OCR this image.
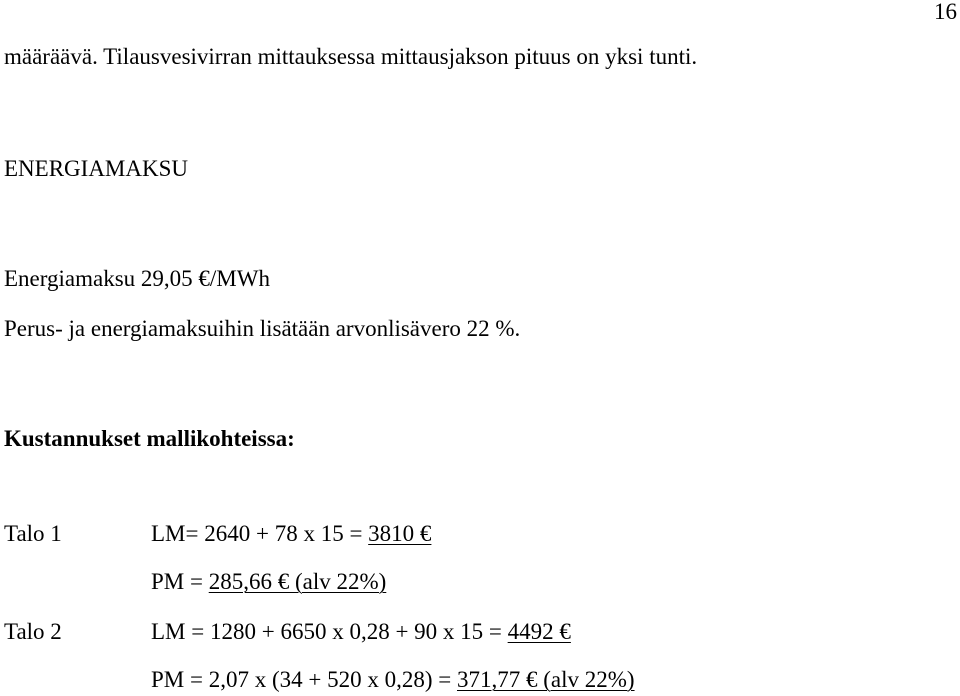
16
määräävä. Tilausvesivirran mittauksessa mittausjakson pituus on yksi tunti.
ENERGIAMAKSU
Energiamaksu 29,05 €/MWh
Perus- ja energiamaksuihin lisätään arvonlisävero 22 %.
Kustannukset mallikohteissa:
Talo 1	LM= 2640 + 78 x 15 = 3810 €
PM = 285,66 € (alv 22%)
Talo 2	LM = 1280 + 6650 x 0,28 + 90 x 15 = 4492 €
PM = 2,07 x (34 + 520 x 0,28) = 371,77 € (alv 22%)
